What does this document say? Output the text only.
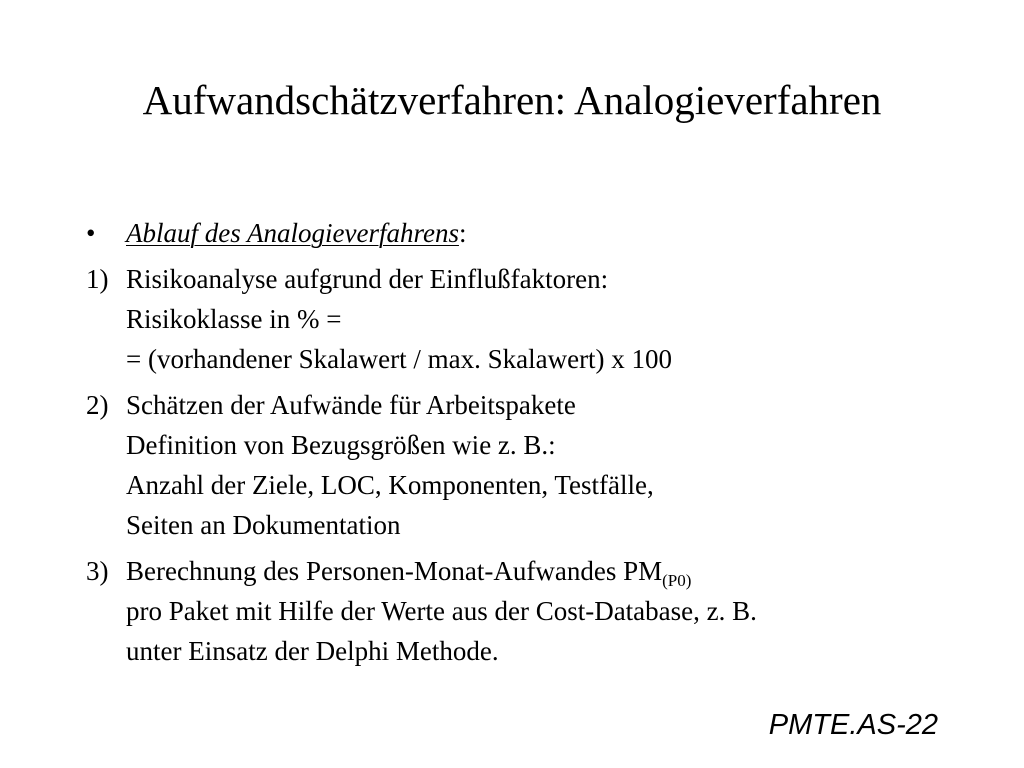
Aufwandschätzverfahren: Analogieverfahren
•	Ablauf des Analogieverfahrens:
1) Risikoanalyse aufgrund der Einflußfaktoren:
Risikoklasse in % =
= (vorhandener Skalawert / max. Skalawert) x 100
2) Schätzen der Aufwände für Arbeitspakete
Definition von Bezugsgrößen wie z. B.:
Anzahl der Ziele, LOC, Komponenten, Testfälle,
Seiten an Dokumentation
3) Berechnung des Personen-Monat-Aufwandes $PM_{(P0)}$
pro Paket mit Hilfe der Werte aus der Cost-Database, z. B.
unter Einsatz der Delphi Methode.
PMTE.AS-22
